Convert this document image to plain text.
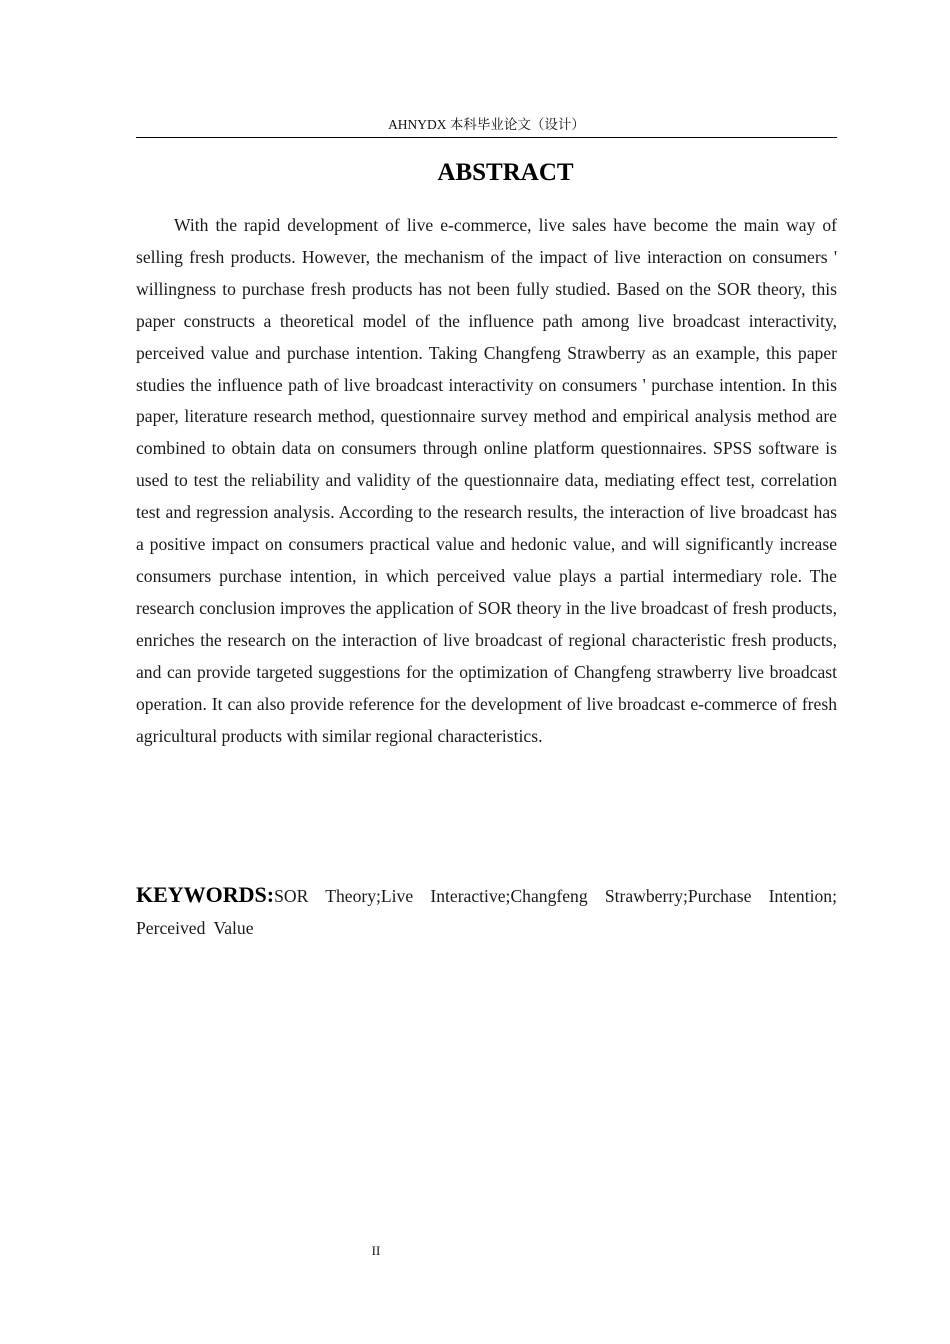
AHNYDX 本科毕业论文（设计）
ABSTRACT

With the rapid development of live e-commerce, live sales have become the main way of selling fresh products. However, the mechanism of the impact of live interaction on consumers ' willingness to purchase fresh products has not been fully studied. Based on the SOR theory, this paper constructs a theoretical model of the influence path among live broadcast interactivity, perceived value and purchase intention. Taking Changfeng Strawberry as an example, this paper studies the influence path of live broadcast interactivity on consumers ' purchase intention. In this paper, literature research method, questionnaire survey method and empirical analysis method are combined to obtain data on consumers through online platform questionnaires. SPSS software is used to test the reliability and validity of the questionnaire data, mediating effect test, correlation test and regression analysis. According to the research results, the interaction of live broadcast has a positive impact on consumers practical value and hedonic value, and will significantly increase consumers purchase intention, in which perceived value plays a partial intermediary role. The research conclusion improves the application of SOR theory in the live broadcast of fresh products, enriches the research on the interaction of live broadcast of regional characteristic fresh products, and can provide targeted suggestions for the optimization of Changfeng strawberry live broadcast operation. It can also provide reference for the development of live broadcast e-commerce of fresh agricultural products with similar regional characteristics.

KEYWORDS:SOR Theory;Live Interactive;Changfeng Strawberry;Purchase Intention; Perceived Value

II
